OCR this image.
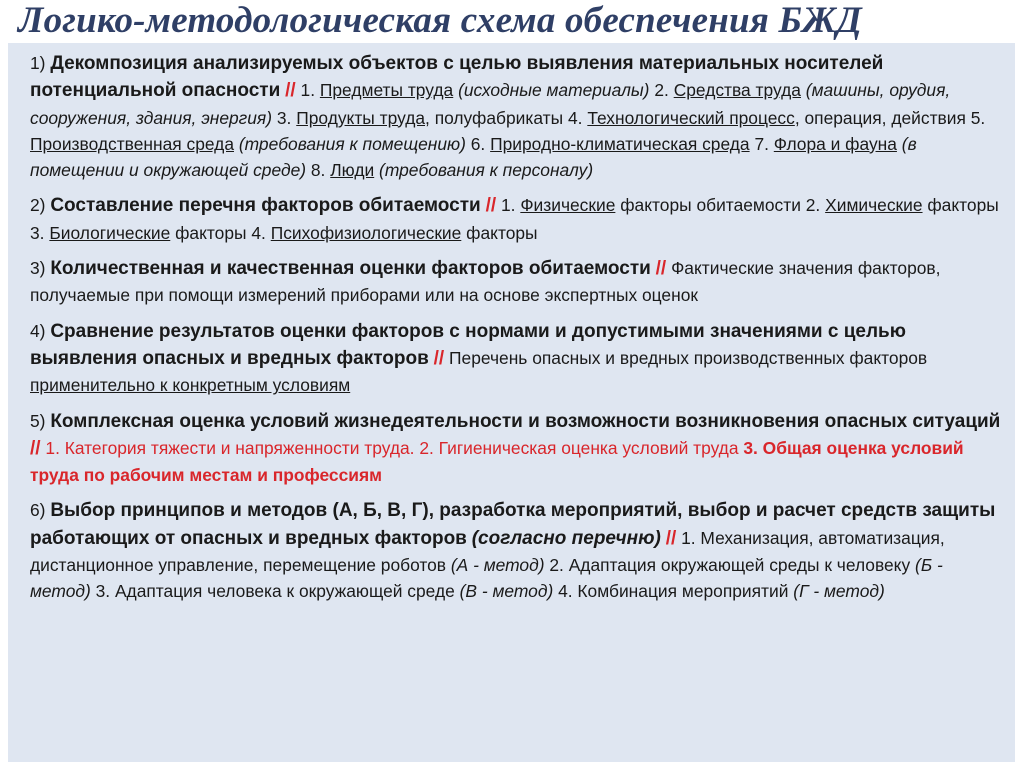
Логико-методологическая схема обеспечения БЖД
1) Декомпозиция анализируемых объектов с целью выявления материальных носителей потенциальной опасности // 1. Предметы труда (исходные материалы) 2. Средства труда (машины, орудия, сооружения, здания, энергия) 3. Продукты труда, полуфабрикаты 4. Технологический процесс, операция, действия 5. Производственная среда (требования к помещению) 6. Природно-климатическая среда 7. Флора и фауна (в помещении и окружающей среде) 8. Люди (требования к персоналу)
2) Составление перечня факторов обитаемости // 1. Физические факторы обитаемости 2. Химические факторы 3. Биологические факторы 4. Психофизиологические факторы
3) Количественная и качественная оценки факторов обитаемости // Фактические значения факторов, получаемые при помощи измерений приборами или на основе экспертных оценок
4) Сравнение результатов оценки факторов с нормами и допустимыми значениями с целью выявления опасных и вредных факторов // Перечень опасных и вредных производственных факторов применительно к конкретным условиям
5) Комплексная оценка условий жизнедеятельности и возможности возникновения опасных ситуаций // 1. Категория тяжести и напряженности труда. 2. Гигиеническая оценка условий труда 3. Общая оценка условий труда по рабочим местам и профессиям
6) Выбор принципов и методов (А, Б, В, Г), разработка мероприятий, выбор и расчет средств защиты работающих от опасных и вредных факторов (согласно перечню) // 1. Механизация, автоматизация, дистанционное управление, перемещение роботов (А - метод) 2. Адаптация окружающей среды к человеку (Б - метод) 3. Адаптация человека к окружающей среде (В - метод) 4. Комбинация мероприятий (Г - метод)
